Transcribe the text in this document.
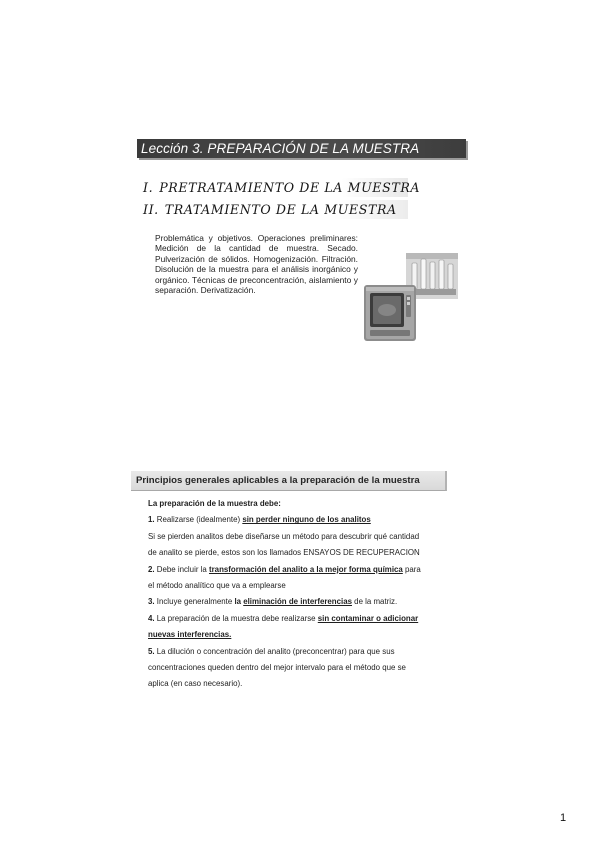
Lección 3. PREPARACIÓN DE LA MUESTRA
I. PRETRATAMIENTO DE LA MUESTRA
II. TRATAMIENTO DE LA MUESTRA
Problemática y objetivos. Operaciones preliminares: Medición de la cantidad de muestra. Secado. Pulverización de sólidos. Homogenización. Filtración. Disolución de la muestra para el análisis inorgánico y orgánico. Técnicas de preconcentración, aislamiento y separación. Derivatización.
Principios generales aplicables a la preparación de la muestra

La preparación de la muestra debe:

1. Realizarse (idealmente) sin perder ninguno de los analitos

Si se pierden analitos debe diseñarse un método para descubrir qué cantidad

de analito se pierde, estos son los llamados ENSAYOS DE RECUPERACION

2. Debe incluir la transformación del analito a la mejor forma química para

el método analítico que va a emplearse

3. Incluye generalmente la eliminación de interferencias de la matriz.

4. La preparación de la muestra debe realizarse sin contaminar o adicionar

nuevas interferencias.

5. La dilución o concentración del analito (preconcentrar) para que sus

concentraciones queden dentro del mejor intervalo para el método que se

aplica (en caso necesario).

1
